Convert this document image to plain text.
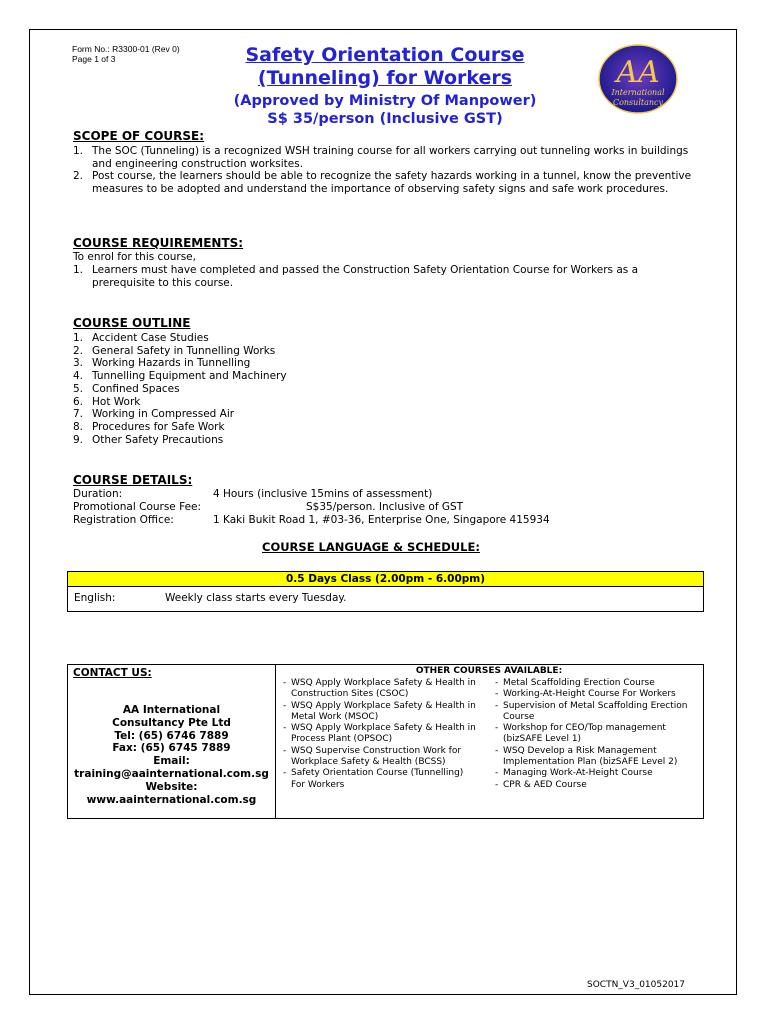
Form No.: R3300-01 (Rev 0)
Page 1 of 3	Safety Orientation Course
(Tunneling) for Workers
(Approved by Ministry Of Manpower)
S$ 35/person (Inclusive GST)
AA
International
Consultancy
SCOPE OF COURSE:
1. The SOC (Tunneling) is a recognized WSH training course for all workers carrying out tunneling works in buildings and engineering construction worksites.
2. Post course, the learners should be able to recognize the safety hazards working in a tunnel, know the preventive measures to be adopted and understand the importance of observing safety signs and safe work procedures.
COURSE REQUIREMENTS:
To enrol for this course,
1. Learners must have completed and passed the Construction Safety Orientation Course for Workers as a prerequisite to this course.
COURSE OUTLINE
1. Accident Case Studies
2. General Safety in Tunnelling Works
3. Working Hazards in Tunnelling
4. Tunnelling Equipment and Machinery
5. Confined Spaces
6. Hot Work
7. Working in Compressed Air
8. Procedures for Safe Work
9. Other Safety Precautions
COURSE DETAILS:
Duration:	4 Hours (inclusive 15mins of assessment)
Promotional Course Fee:	S$35/person. Inclusive of GST
Registration Office:	1 Kaki Bukit Road 1, #03-36, Enterprise One, Singapore 415934
COURSE LANGUAGE & SCHEDULE:
0.5 Days Class (2.00pm - 6.00pm)
English:	Weekly class starts every Tuesday.
CONTACT US:
AA International Consultancy Pte Ltd
Tel: (65) 6746 7889
Fax: (65) 6745 7889
Email:
training@aainternational.com.sg
Website:
www.aainternational.com.sg
OTHER COURSES AVAILABLE:
- WSQ Apply Workplace Safety & Health in Construction Sites (CSOC)
- WSQ Apply Workplace Safety & Health in Metal Work (MSOC)
- WSQ Apply Workplace Safety & Health in Process Plant (OPSOC)
- WSQ Supervise Construction Work for Workplace Safety & Health (BCSS)
- Safety Orientation Course (Tunnelling) For Workers
- Metal Scaffolding Erection Course
- Working-At-Height Course For Workers
- Supervision of Metal Scaffolding Erection Course
- Workshop for CEO/Top management (bizSAFE Level 1)
- WSQ Develop a Risk Management Implementation Plan (bizSAFE Level 2)
- Managing Work-At-Height Course
- CPR & AED Course
SOCTN_V3_01052017
